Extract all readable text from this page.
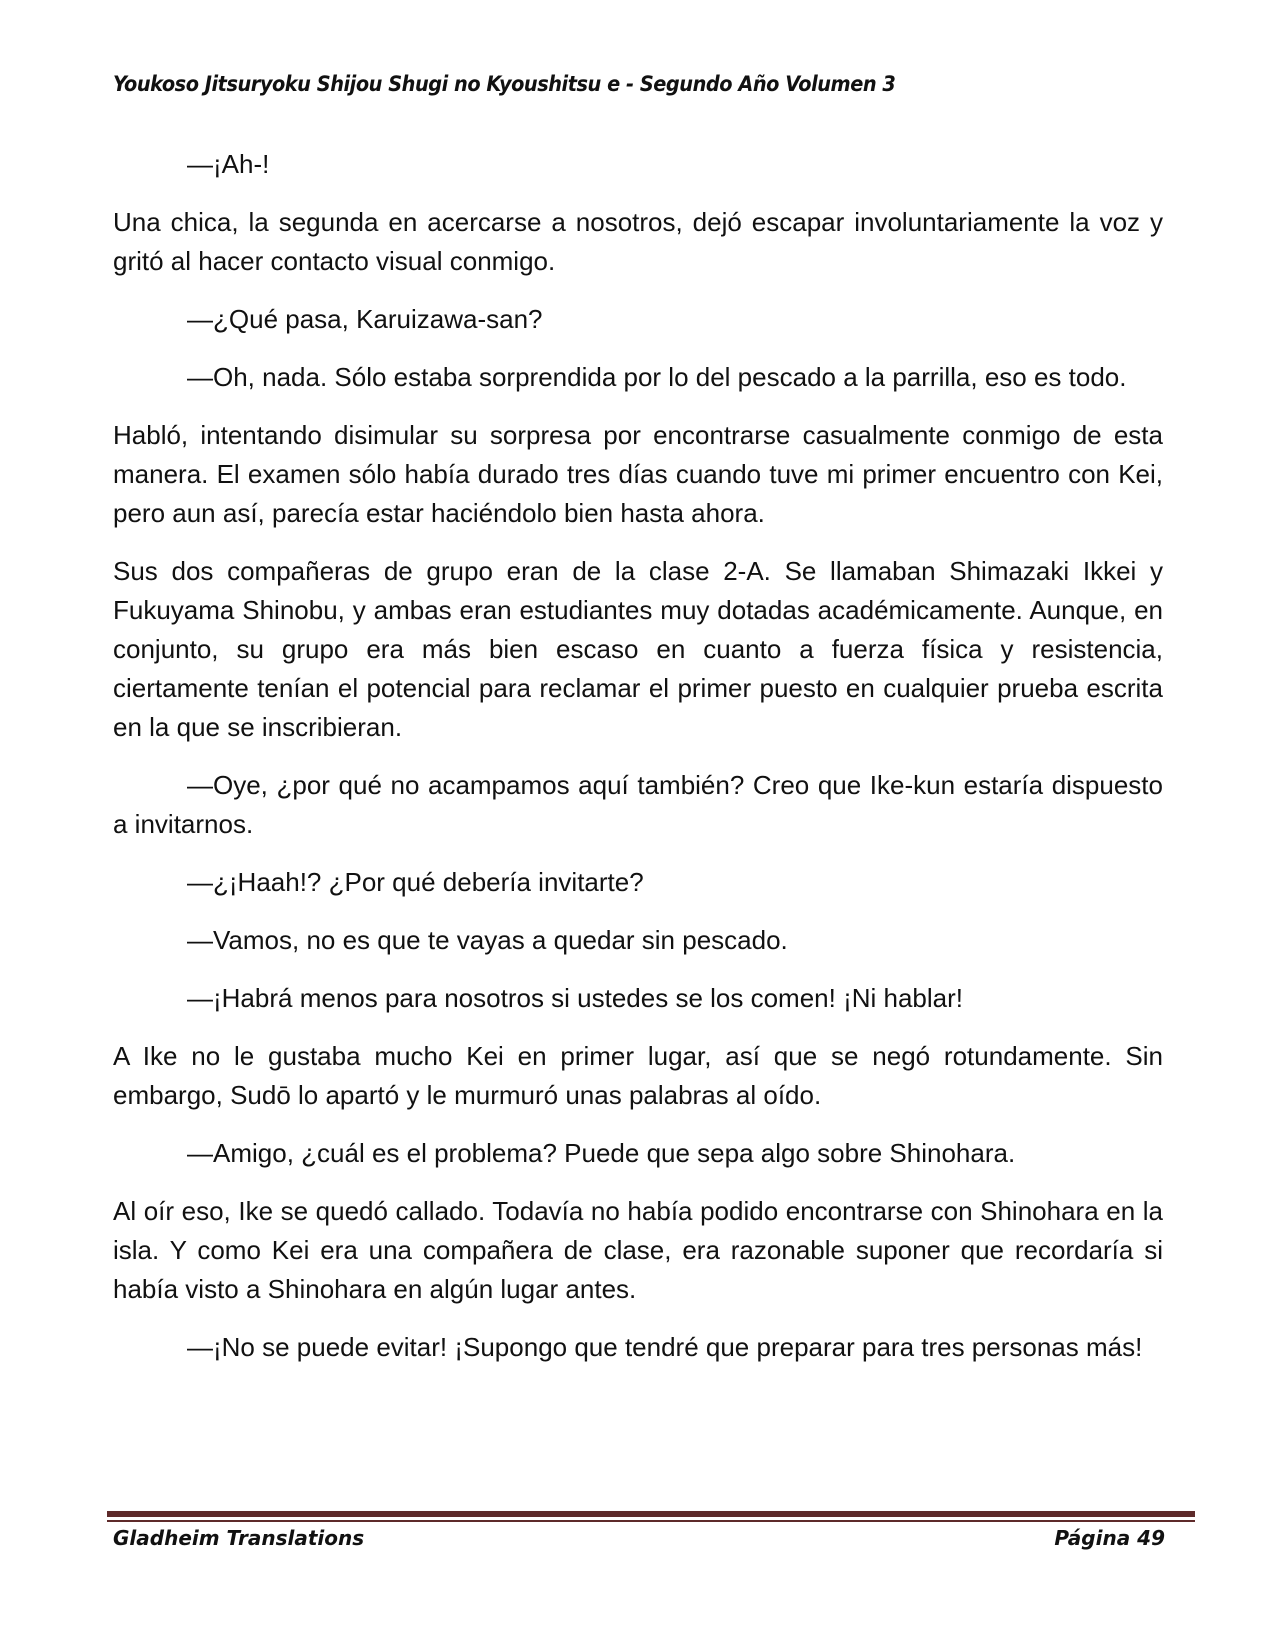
Youkoso Jitsuryoku Shijou Shugi no Kyoushitsu e - Segundo Año Volumen 3

—¡Ah-!

Una chica, la segunda en acercarse a nosotros, dejó escapar involuntariamente la voz y gritó al hacer contacto visual conmigo.

—¿Qué pasa, Karuizawa-san?

—Oh, nada. Sólo estaba sorprendida por lo del pescado a la parrilla, eso es todo.

Habló, intentando disimular su sorpresa por encontrarse casualmente conmigo de esta manera. El examen sólo había durado tres días cuando tuve mi primer encuentro con Kei, pero aun así, parecía estar haciéndolo bien hasta ahora.

Sus dos compañeras de grupo eran de la clase 2-A. Se llamaban Shimazaki Ikkei y Fukuyama Shinobu, y ambas eran estudiantes muy dotadas académicamente. Aunque, en conjunto, su grupo era más bien escaso en cuanto a fuerza física y resistencia, ciertamente tenían el potencial para reclamar el primer puesto en cualquier prueba escrita en la que se inscribieran.

—Oye, ¿por qué no acampamos aquí también? Creo que Ike-kun estaría dispuesto a invitarnos.

—¿¡Haah!? ¿Por qué debería invitarte?

—Vamos, no es que te vayas a quedar sin pescado.

—¡Habrá menos para nosotros si ustedes se los comen! ¡Ni hablar!

A Ike no le gustaba mucho Kei en primer lugar, así que se negó rotundamente. Sin embargo, Sudō lo apartó y le murmuró unas palabras al oído.

—Amigo, ¿cuál es el problema? Puede que sepa algo sobre Shinohara.

Al oír eso, Ike se quedó callado. Todavía no había podido encontrarse con Shinohara en la isla. Y como Kei era una compañera de clase, era razonable suponer que recordaría si había visto a Shinohara en algún lugar antes.

—¡No se puede evitar! ¡Supongo que tendré que preparar para tres personas más!

Gladheim Translations	Página 49
